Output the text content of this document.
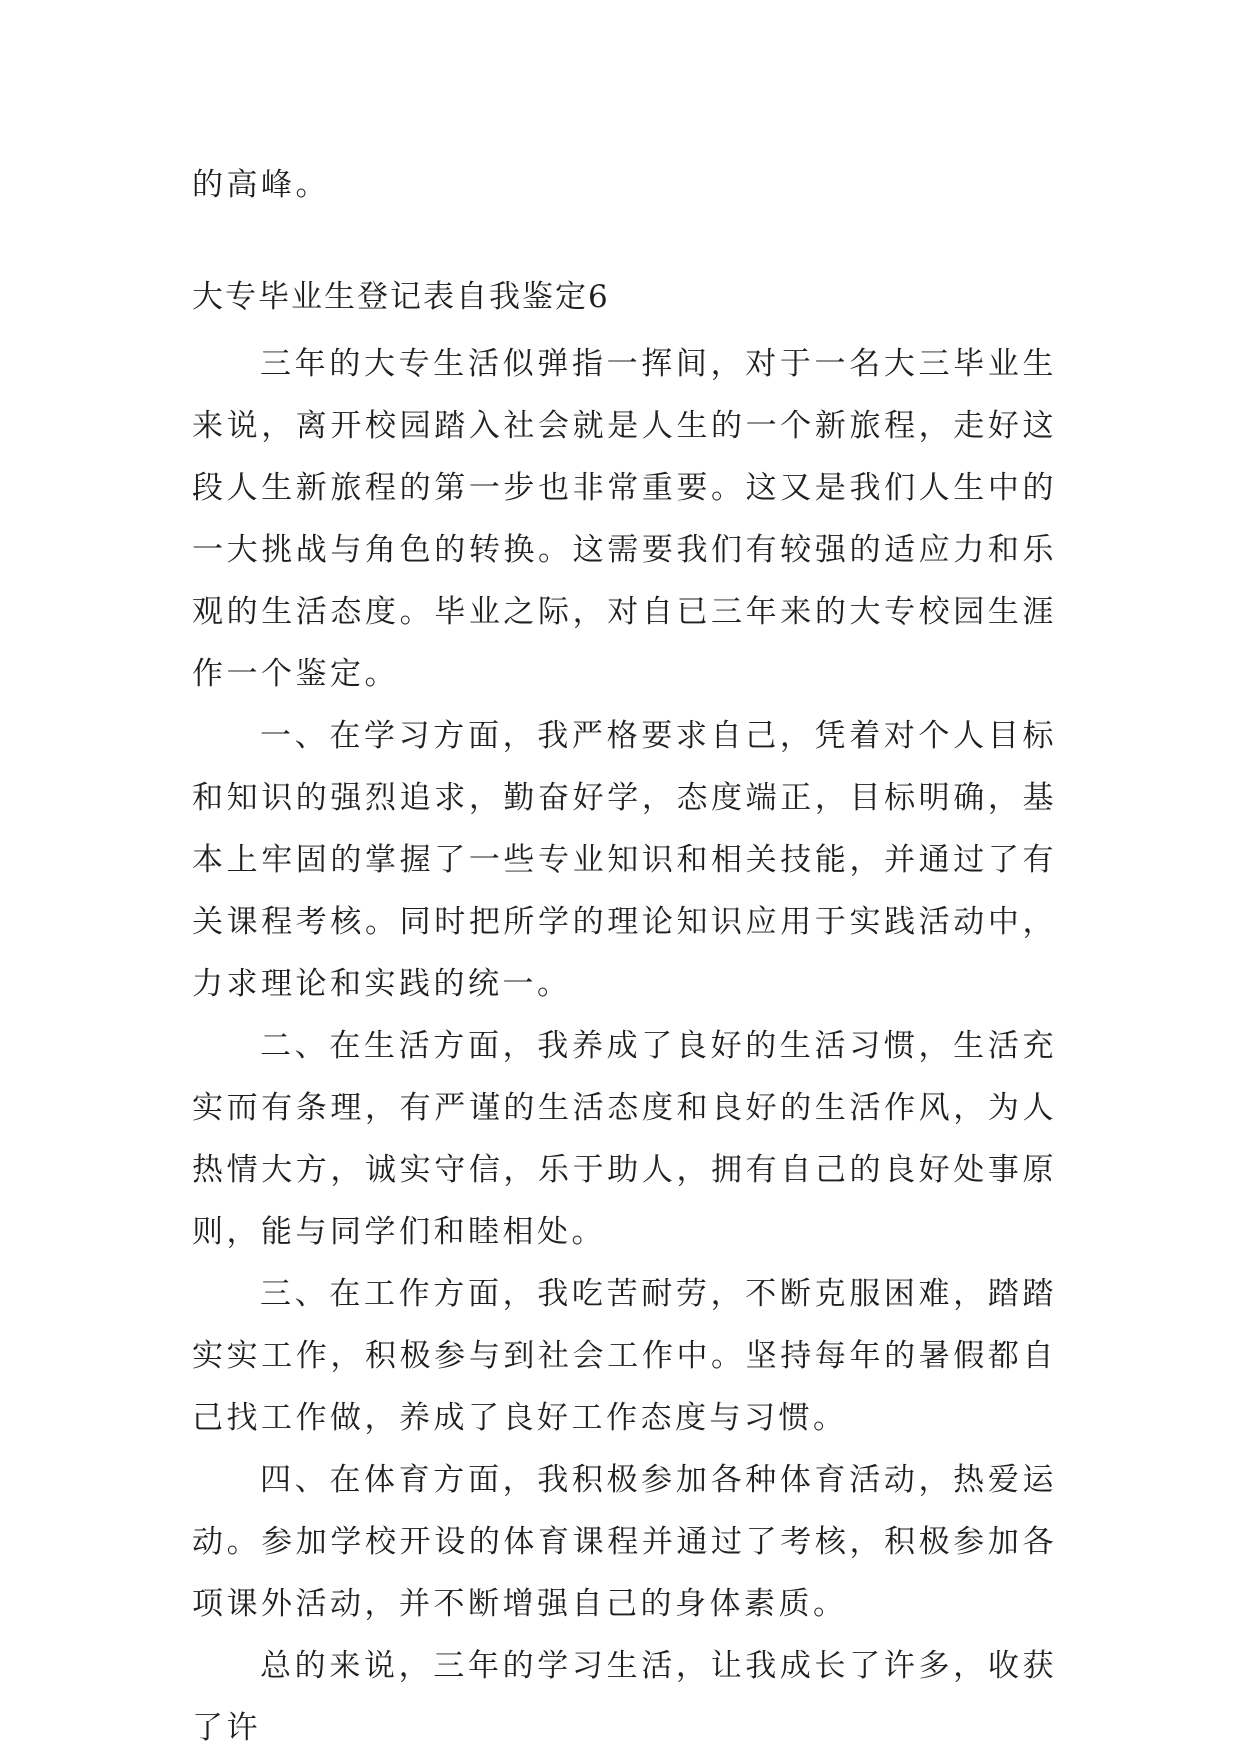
的高峰。
大专毕业生登记表自我鉴定6

三年的大专生活似弹指一挥间，对于一名大三毕业生来说，离开校园踏入社会就是人生的一个新旅程，走好这段人生新旅程的第一步也非常重要。这又是我们人生中的一大挑战与角色的转换。这需要我们有较强的适应力和乐观的生活态度。毕业之际，对自已三年来的大专校园生涯作一个鉴定。

一、在学习方面，我严格要求自己，凭着对个人目标和知识的强烈追求，勤奋好学，态度端正，目标明确，基本上牢固的掌握了一些专业知识和相关技能，并通过了有关课程考核。同时把所学的理论知识应用于实践活动中，力求理论和实践的统一。

二、在生活方面，我养成了良好的生活习惯，生活充实而有条理，有严谨的生活态度和良好的生活作风，为人热情大方，诚实守信，乐于助人，拥有自己的良好处事原则，能与同学们和睦相处。

三、在工作方面，我吃苦耐劳，不断克服困难，踏踏实实工作，积极参与到社会工作中。坚持每年的暑假都自己找工作做，养成了良好工作态度与习惯。

四、在体育方面，我积极参加各种体育活动，热爱运动。参加学校开设的体育课程并通过了考核，积极参加各项课外活动，并不断增强自己的身体素质。

总的来说，三年的学习生活，让我成长了许多，收获了许
